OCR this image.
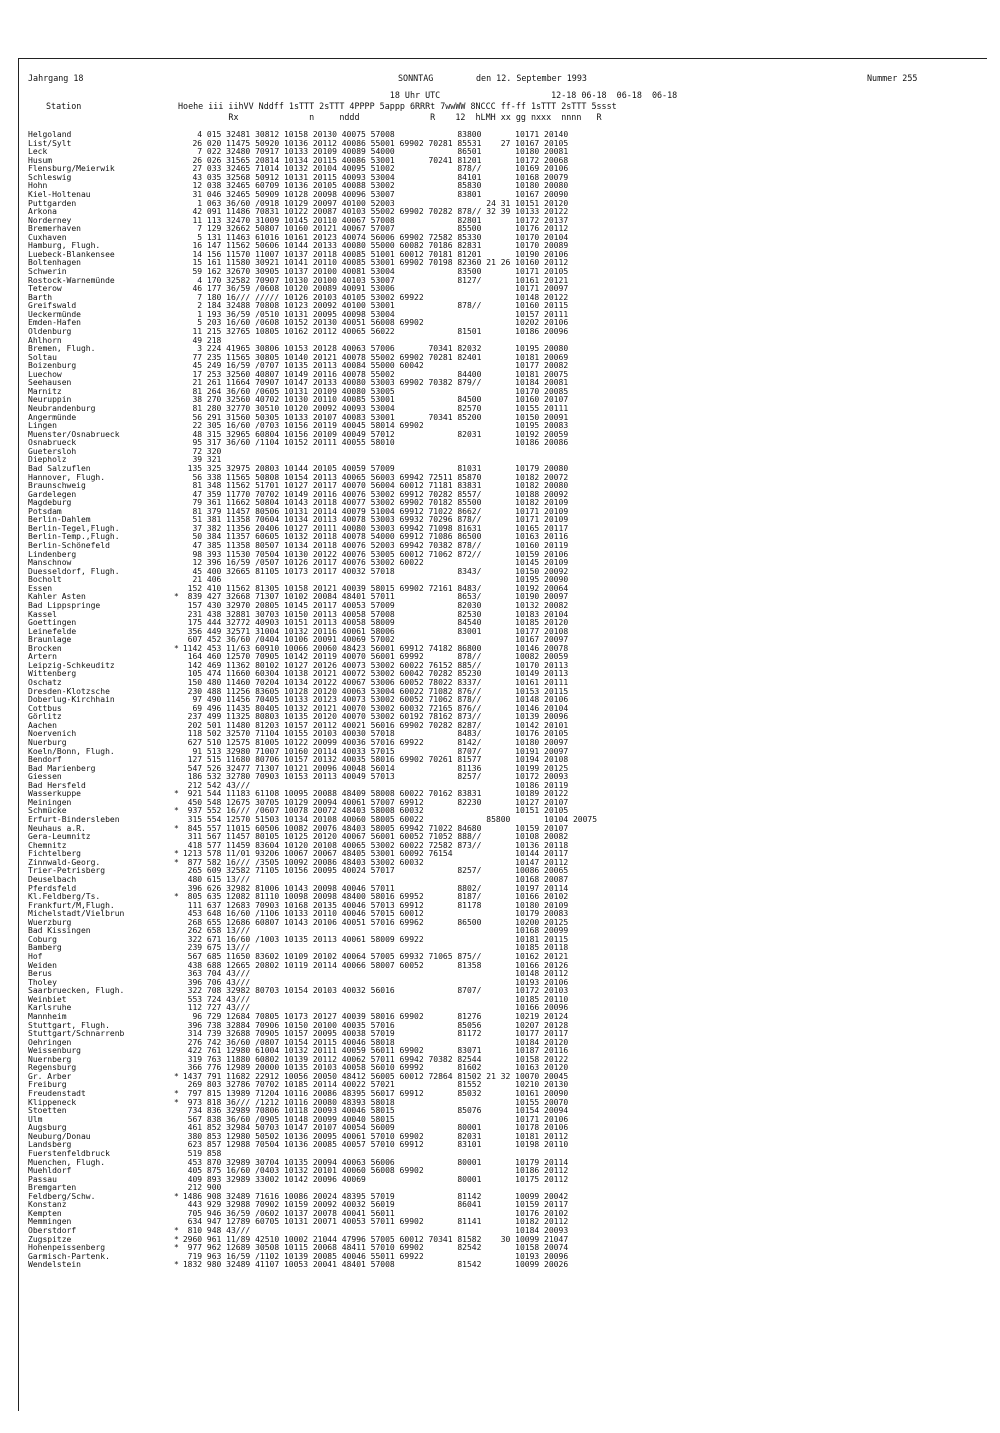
Jahrgang 18	SONNTAG	den 12. September 1993	Nummer 255
Station
18 Uhr UTC                      12-18 06-18  06-18  06-18
Hoehe iii iihVV Nddff 1sTTT 2sTTT 4PPPP 5appp 6RRRt 7wwWW 8NCCC ff-ff 1sTTT 2sTTT 5ssst
Rx              n     nddd              R    12  hLMH xx gg nxxx  nnnn   R
Helgoland	4 015 32481 30812 10158 20130 40075 57008             83800       10171 20140
List/Sylt	26 020 11475 50920 10136 20112 40086 55001 69902 70281 85531    27 10167 20105
Leck	7 022 32480 70917 10133 20109 40089 54000             86501       10180 20081
Husum	26 026 31565 20814 10134 20115 40086 53001       70241 81201       10172 20068
Flensburg/Meierwik	27 033 32465 71014 10132 20104 40095 51002             878//       10169 20106
Schleswig	43 035 32568 50912 10131 20115 40093 53004             84101       10168 20079
Hohn	12 038 32465 60709 10136 20105 40088 53002             85830       10180 20080
Kiel-Holtenau	31 046 32465 50909 10128 20098 40096 53007             83801       10167 20090
Puttgarden	1 063 36/60 /0918 10129 20097 40100 52003                   24 31 10151 20120
Arkona	42 091 11486 70831 10122 20087 40103 55002 69902 70282 878// 32 39 10133 20122
Norderney	11 113 32470 31009 10145 20110 40067 57008             82801       10172 20137
Bremerhaven	7 129 32662 50807 10160 20121 40067 57007             85500       10176 20112
Cuxhaven	5 131 11463 61016 10161 20123 40074 56006 69902 72582 85330       10170 20104
Hamburg, Flugh.	16 147 11562 50606 10144 20133 40080 55000 60082 70186 82831       10170 20089
Luebeck-Blankensee	14 156 11570 11007 10137 20118 40085 51001 60012 70181 81201       10190 20106
Boltenhagen	15 161 11580 30921 10141 20110 40085 53001 69902 70198 82360 21 26 10160 20112
Schwerin	59 162 32670 30905 10137 20100 40081 53004             83500       10171 20105
Rostock-Warnemünde	4 170 32582 70907 10130 20100 40103 53007             8127/       10161 20121
Teterow	46 177 36/59 /0608 10120 20089 40091 53006                         10171 20097
Barth	7 180 16/// ///// 10126 20103 40105 53002 69922                   10148 20122
Greifswald	2 184 32488 70808 10123 20092 40100 53001             878//       10160 20115
Ueckermünde	1 193 36/59 /0510 10131 20095 40098 53004                         10157 20111
Emden-Hafen	5 203 16/60 /0608 10152 20130 40051 56008 69902                   10202 20106
Oldenburg	11 215 32765 10805 10162 20112 40065 56022             81501       10186 20096
Ahlhorn	49 218
Bremen, Flugh.	3 224 41965 30806 10153 20128 40063 57006       70341 82032       10195 20080
Soltau	77 235 11565 30805 10140 20121 40078 55002 69902 70281 82401       10181 20069
Boizenburg	45 249 16/59 /0707 10135 20113 40084 55000 60042                   10177 20082
Luechow	17 253 32560 40807 10149 20116 40078 55002             84400       10181 20075
Seehausen	21 261 11664 70907 10147 20133 40080 53003 69902 70382 879//       10184 20081
Marnitz	81 264 36/60 /0605 10131 20109 40080 53005                         10170 20085
Neuruppin	38 270 32560 40702 10130 20110 40085 53001             84500       10160 20107
Neubrandenburg	81 280 32770 30510 10120 20092 40093 53004             82570       10155 20111
Angermünde	56 291 31560 50305 10133 20107 40083 53001       70341 85200       10150 20091
Lingen	22 305 16/60 /0703 10156 20119 40045 58014 69902                   10195 20083
Muenster/Osnabrueck	48 315 32965 60804 10156 20109 40049 57012             82031       10192 20059
Osnabrueck	95 317 36/60 /1104 10152 20111 40055 58010                         10186 20086
Guetersloh	72 320
Diepholz	39 321
Bad Salzuflen	135 325 32975 20803 10144 20105 40059 57009             81031       10179 20080
Hannover, Flugh.	56 338 11565 50808 10154 20113 40065 56003 69942 72511 85870       10182 20072
Braunschweig	81 348 11562 51701 10127 20117 40070 56004 60012 71181 83831       10182 20080
Gardelegen	47 359 11770 70702 10149 20116 40076 53002 69912 70282 8557/       10188 20092
Magdeburg	79 361 11662 50804 10143 20118 40077 53002 69902 70182 85500       10182 20109
Potsdam	81 379 11457 80506 10131 20114 40079 51004 69912 71022 8662/       10171 20109
Berlin-Dahlem	51 381 11358 70604 10134 20113 40078 53003 69932 70296 878//       10171 20109
Berlin-Tegel,Flugh.	37 382 11356 20406 10127 20111 40080 53003 69942 71098 81631       10165 20117
Berlin-Temp.,Flugh.	50 384 11357 60605 10132 20118 40078 54000 69912 71086 86500       10163 20116
Berlin-Schönefeld	47 385 11358 80507 10134 20118 40076 52003 69942 70382 878//       10160 20119
Lindenberg	98 393 11530 70504 10130 20122 40076 53005 60012 71062 872//       10159 20106
Manschnow	12 396 16/59 /0507 10126 20117 40076 53002 60022                   10145 20109
Duesseldorf, Flugh.	45 400 32665 81105 10173 20117 40032 57018             8343/       10150 20092
Bocholt	21 406                                                             10195 20090
Essen	152 410 11562 81305 10158 20121 40039 58015 69902 72161 8483/       10192 20064
Kahler Asten	* 839 427 32668 71307 10102 20084 48401 57011             8653/       10190 20097
Bad Lippspringe	157 430 32970 20805 10145 20117 40053 57009             82030       10132 20082
Kassel	231 438 32881 30703 10150 20113 40058 57008             82530       10183 20104
Goettingen	175 444 32772 40903 10151 20113 40058 58009             84540       10185 20120
Leinefelde	356 449 32571 31004 10132 20116 40061 58006             83001       10177 20108
Braunlage	607 452 36/60 /0404 10106 20091 40069 57002                         10167 20097
Brocken	* 1142 453 11/63 60910 10066 20060 48423 56001 69912 74182 86800       10146 20078
Artern	164 460 12570 70905 10142 20119 40070 56001 69992       878//       10082 20059
Leipzig-Schkeuditz	142 469 11362 80102 10127 20126 40073 53002 60022 76152 885//       10170 20113
Wittenberg	105 474 11660 60304 10138 20121 40072 53002 60042 70282 85230       10149 20113
Oschatz	150 480 11460 70204 10134 20122 40067 53006 60052 78022 8337/       10161 20111
Dresden-Klotzsche	230 488 11256 83605 10128 20120 40063 53004 60022 71082 876//       10153 20115
Doberlug-Kirchhain	97 490 11456 70405 10133 20123 40073 53002 60052 71062 878//       10148 20106
Cottbus	69 496 11435 80405 10132 20121 40070 53002 60032 72165 876//       10146 20104
Görlitz	237 499 11325 80803 10135 20120 40070 53002 60192 78162 873//       10139 20096
Aachen	202 501 11480 81203 10157 20112 40021 56016 69902 70282 8287/       10142 20101
Noervenich	118 502 32570 71104 10155 20103 40030 57018             8483/       10176 20105
Nuerburg	627 510 12575 81005 10122 20099 40036 57016 69922       8142/       10180 20097
Koeln/Bonn, Flugh.	91 513 32980 71007 10160 20114 40033 57015             8707/       10191 20097
Bendorf	127 515 11680 80706 10157 20132 40035 58016 69902 70261 81577       10194 20108
Bad Marienberg	547 526 32477 71307 10121 20096 40048 56014             81136       10199 20125
Giessen	186 532 32780 70903 10153 20113 40049 57013             8257/       10172 20093
Bad Hersfeld	212 542 43///                                                       10186 20119
Wasserkuppe	* 921 544 11183 61108 10095 20088 48409 58008 60022 70162 83831       10189 20122
Meiningen	450 548 12675 30705 10129 20094 40061 57007 69912       82230       10127 20107
Schmücke	* 937 552 16/// /0607 10078 20072 48403 58008 60032                   10151 20105
Erfurt-Bindersleben	315 554 12570 51503 10134 20108 40060 58005 60022             85800       10104 20075
Neuhaus a.R.	* 845 557 11015 60506 10082 20076 48403 58005 69942 71022 84680       10159 20107
Gera-Leumnitz	311 567 11457 80105 10125 20120 40067 56001 60052 71052 888//       10108 20082
Chemnitz	418 577 11459 83604 10120 20108 40065 53002 60022 72582 873//       10136 20118
Fichtelberg	* 1213 578 11/01 93206 10067 20067 48405 53001 60092 76154             10144 20117
Zinnwald-Georg.	* 877 582 16/// /3505 10092 20086 48403 53002 60032                   10147 20112
Trier-Petrisberg	265 609 32582 71105 10156 20095 40024 57017             8257/       10086 20065
Deuselbach	480 615 13///                                                       10168 20087
Pferdsfeld	396 626 32982 81006 10143 20098 40046 57011             8802/       10197 20114
Kl.Feldberg/Ts.	* 805 635 12082 81110 10098 20098 48400 58016 69952       8187/       10166 20102
Frankfurt/M,Flugh.	111 637 12683 70903 10168 20135 40046 57013 69912       81178       10180 20109
Michelstadt/Vielbrun	453 648 16/60 /1106 10133 20110 40046 57015 60012                   10179 20083
Wuerzburg	268 655 12686 60807 10143 20106 40051 57016 69962       86500       10200 20125
Bad Kissingen	262 658 13///                                                       10168 20099
Coburg	322 671 16/60 /1003 10135 20113 40061 58009 69922                   10181 20115
Bamberg	239 675 13///                                                       10185 20118
Hof	567 685 11650 83602 10109 20102 40064 57005 69932 71065 875//       10162 20121
Weiden	438 688 12665 20802 10119 20114 40066 58007 60052       81358       10166 20126
Berus	363 704 43///                                                       10148 20112
Tholey	396 706 43///                                                       10193 20106
Saarbruecken, Flugh.	322 708 32982 80703 10154 20103 40032 56016             8707/       10172 20103
Weinbiet	553 724 43///                                                       10185 20110
Karlsruhe	112 727 43///                                                       10166 20096
Mannheim	96 729 12684 70805 10173 20127 40039 58016 69902       81276       10219 20124
Stuttgart, Flugh.	396 738 32884 70906 10150 20100 40035 57016             85056       10207 20128
Stuttgart/Schnarrenb	314 739 32688 70905 10157 20095 40038 57019             81172       10177 20117
Oehringen	276 742 36/60 /0807 10154 20115 40046 58018                         10184 20120
Weissenburg	422 761 12980 61004 10132 20111 40059 56011 69902       83071       10187 20116
Nuernberg	319 763 11880 60802 10139 20112 40062 57011 69942 70382 82544       10158 20122
Regensburg	366 776 12989 20000 10135 20103 40058 56010 69992       81602       10163 20120
Gr. Arber	* 1437 791 11682 22912 10056 20050 48412 56005 60012 72864 81502 21 32 10070 20045
Freiburg	269 803 32786 70702 10185 20114 40022 57021             81552       10210 20130
Freudenstadt	* 797 815 13989 71204 10116 20086 48395 56017 69912       85032       10161 20090
Klippeneck	* 973 818 36/// /1212 10116 20080 48393 58018                         10155 20070
Stoetten	734 836 32989 70806 10118 20093 40046 58015             85076       10154 20094
Ulm	567 838 36/60 /0905 10148 20099 40040 58015                         10171 20106
Augsburg	461 852 32984 50703 10147 20107 40054 56009             80001       10178 20106
Neuburg/Donau	380 853 12980 50502 10136 20095 40061 57010 69902       82031       10181 20112
Landsberg	623 857 12988 70504 10136 20085 40057 57010 69912       83101       10198 20110
Fuerstenfeldbruck	519 858
Muenchen, Flugh.	453 870 32989 30704 10135 20094 40063 56006             80001       10179 20114
Muehldorf	405 875 16/60 /0403 10132 20101 40060 56008 69902                   10186 20112
Passau	409 893 32989 33002 10142 20096 40069                   80001       10175 20112
Bremgarten	212 900
Feldberg/Schw.	* 1486 908 32489 71616 10086 20024 48395 57019             81142       10099 20042
Konstanz	443 929 32988 70902 10159 20092 40032 56019             86041       10159 20117
Kempten	705 946 36/59 /0602 10137 20078 40041 56011                         10176 20102
Memmingen	634 947 12789 60705 10131 20071 40053 57011 69902       81141       10182 20112
Oberstdorf	* 810 948 43///                                                       10184 20093
Zugspitze	* 2960 961 11/89 42510 10002 21044 47996 57005 60012 70341 81582    30 10099 21047
Hohenpeissenberg	* 977 962 12689 30508 10115 20068 48411 57010 69902       82542       10158 20074
Garmisch-Partenk.	719 963 16/59 /1102 10139 20085 40046 55011 69922                   10193 20096
Wendelstein	* 1832 980 32489 41107 10053 20041 48401 57008             81542       10099 20026
